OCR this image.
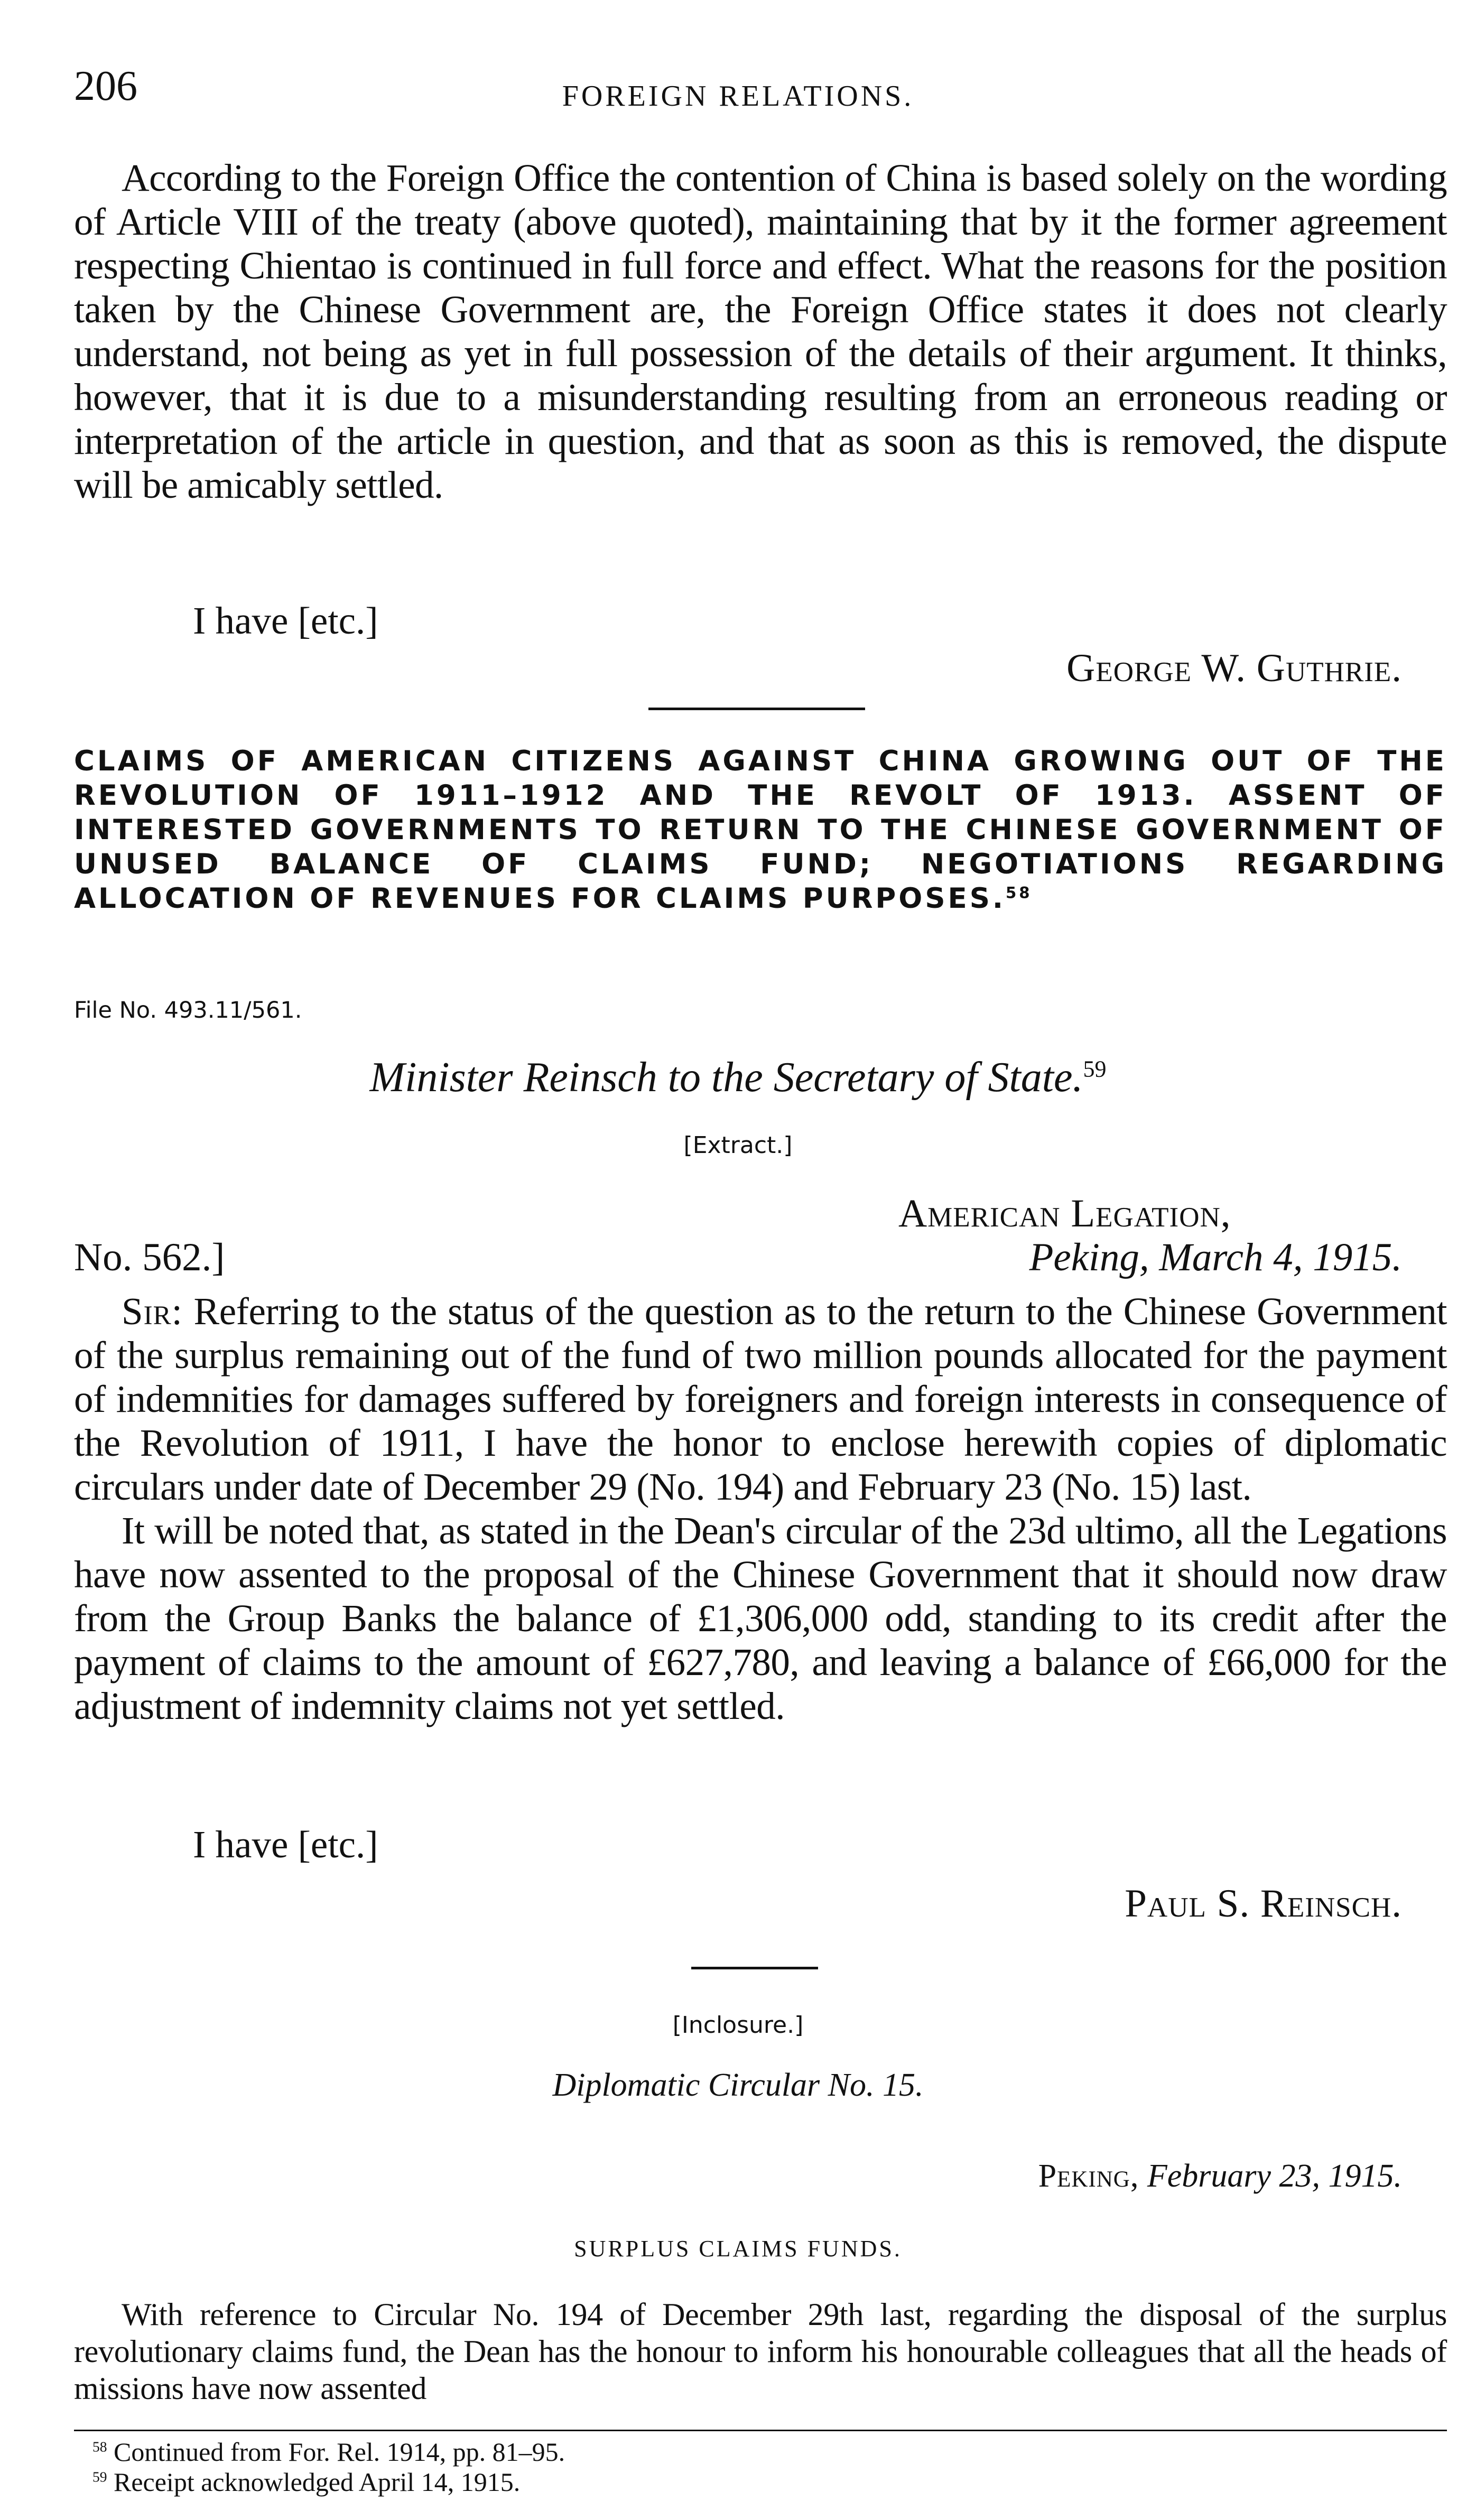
206	FOREIGN RELATIONS.

According to the Foreign Office the contention of China is based solely on the wording of Article VIII of the treaty (above quoted), maintaining that by it the former agreement respecting Chientao is continued in full force and effect. What the reasons for the position taken by the Chinese Government are, the Foreign Office states it does not clearly understand, not being as yet in full possession of the details of their argument. It thinks, however, that it is due to a misunderstanding resulting from an erroneous reading or interpretation of the article in question, and that as soon as this is removed, the dispute will be amicably settled.

I have [etc.]
George W. Guthrie.
CLAIMS OF AMERICAN CITIZENS AGAINST CHINA GROWING OUT OF THE REVOLUTION OF 1911–1912 AND THE REVOLT OF 1913. ASSENT OF INTERESTED GOVERNMENTS TO RETURN TO THE CHINESE GOVERNMENT OF UNUSED BALANCE OF CLAIMS FUND; NEGOTIATIONS REGARDING ALLOCATION OF REVENUES FOR CLAIMS PURPOSES.$^{58}$
File No. 493.11/561.
Minister Reinsch to the Secretary of State.$^{59}$
[Extract.]
American Legation,
No. 562.]	Peking, March 4, 1915.

Sir: Referring to the status of the question as to the return to the Chinese Government of the surplus remaining out of the fund of two million pounds allocated for the payment of indemnities for damages suffered by foreigners and foreign interests in consequence of the Revolution of 1911, I have the honor to enclose herewith copies of diplomatic circulars under date of December 29 (No. 194) and February 23 (No. 15) last.

It will be noted that, as stated in the Dean's circular of the 23d ultimo, all the Legations have now assented to the proposal of the Chinese Government that it should now draw from the Group Banks the balance of £1,306,000 odd, standing to its credit after the payment of claims to the amount of £627,780, and leaving a balance of £66,000 for the adjustment of indemnity claims not yet settled.

I have [etc.]
Paul S. Reinsch.
[Inclosure.]
Diplomatic Circular No. 15.
Peking, February 23, 1915.
SURPLUS CLAIMS FUNDS.

With reference to Circular No. 194 of December 29th last, regarding the disposal of the surplus revolutionary claims fund, the Dean has the honour to inform his honourable colleagues that all the heads of missions have now assented

$^{58}$ Continued from For. Rel. 1914, pp. 81–95.
$^{59}$ Receipt acknowledged April 14, 1915.
